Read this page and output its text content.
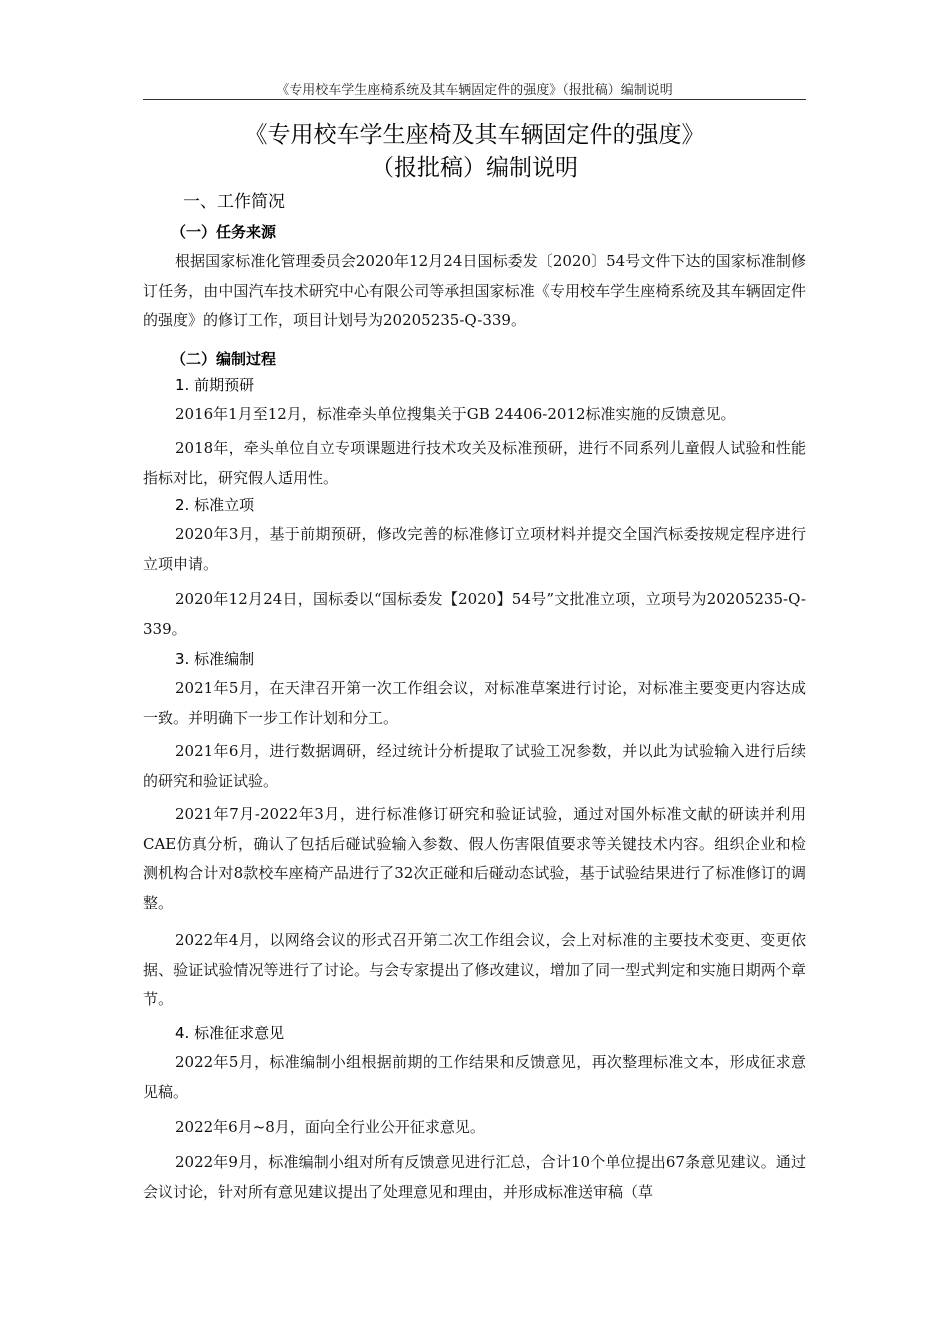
《专用校车学生座椅系统及其车辆固定件的强度》（报批稿）编制说明
《专用校车学生座椅及其车辆固定件的强度》
（报批稿）编制说明
一、工作简况
（一）任务来源

根据国家标准化管理委员会2020年12月24日国标委发〔2020〕54号文件下达的国家标准制修订任务，由中国汽车技术研究中心有限公司等承担国家标准《专用校车学生座椅系统及其车辆固定件的强度》的修订工作，项目计划号为20205235-Q-339。

（二）编制过程
1. 前期预研

2016年1月至12月，标准牵头单位搜集关于GB 24406-2012标准实施的反馈意见。

2018年，牵头单位自立专项课题进行技术攻关及标准预研，进行不同系列儿童假人试验和性能指标对比，研究假人适用性。

2. 标准立项

2020年3月，基于前期预研，修改完善的标准修订立项材料并提交全国汽标委按规定程序进行立项申请。

2020年12月24日，国标委以“国标委发【2020】54号”文批准立项，立项号为20205235-Q-339。

3. 标准编制

2021年5月，在天津召开第一次工作组会议，对标准草案进行讨论，对标准主要变更内容达成一致。并明确下一步工作计划和分工。

2021年6月，进行数据调研，经过统计分析提取了试验工况参数，并以此为试验输入进行后续的研究和验证试验。

2021年7月-2022年3月，进行标准修订研究和验证试验，通过对国外标准文献的研读并利用CAE仿真分析，确认了包括后碰试验输入参数、假人伤害限值要求等关键技术内容。组织企业和检测机构合计对8款校车座椅产品进行了32次正碰和后碰动态试验，基于试验结果进行了标准修订的调整。

2022年4月，以网络会议的形式召开第二次工作组会议，会上对标准的主要技术变更、变更依据、验证试验情况等进行了讨论。与会专家提出了修改建议，增加了同一型式判定和实施日期两个章节。

4. 标准征求意见

2022年5月，标准编制小组根据前期的工作结果和反馈意见，再次整理标准文本，形成征求意见稿。

2022年6月~8月，面向全行业公开征求意见。

2022年9月，标准编制小组对所有反馈意见进行汇总，合计10个单位提出67条意见建议。通过会议讨论，针对所有意见建议提出了处理意见和理由，并形成标准送审稿（草
